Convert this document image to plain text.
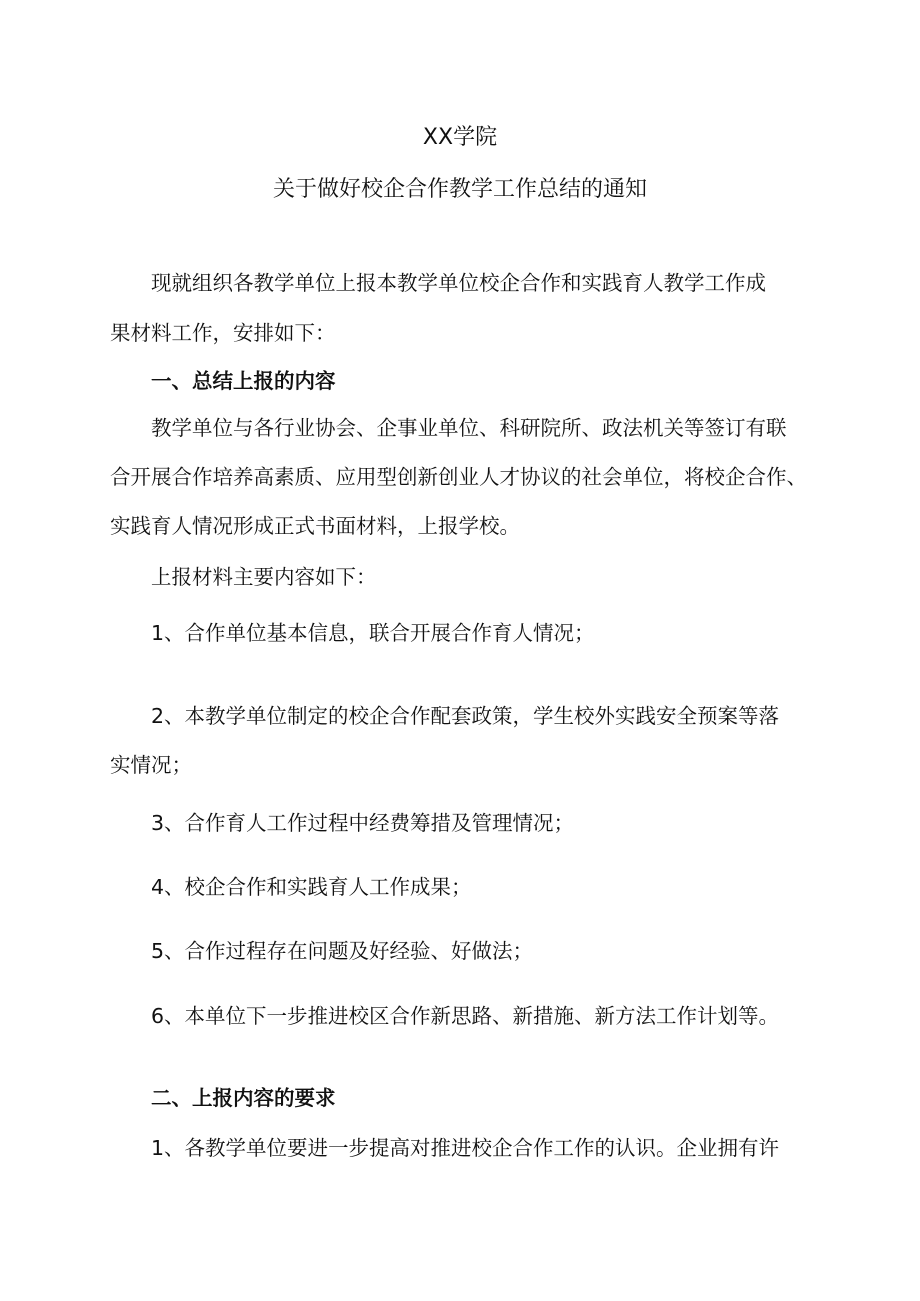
XX学院
关于做好校企合作教学工作总结的通知
现就组织各教学单位上报本教学单位校企合作和实践育人教学工作成
果材料工作，安排如下：
一、总结上报的内容
教学单位与各行业协会、企事业单位、科研院所、政法机关等签订有联
合开展合作培养高素质、应用型创新创业人才协议的社会单位，将校企合作、
实践育人情况形成正式书面材料，上报学校。
上报材料主要内容如下：
1、合作单位基本信息，联合开展合作育人情况；
2、本教学单位制定的校企合作配套政策，学生校外实践安全预案等落
实情况；
3、合作育人工作过程中经费筹措及管理情况；
4、校企合作和实践育人工作成果；
5、合作过程存在问题及好经验、好做法；
6、本单位下一步推进校区合作新思路、新措施、新方法工作计划等。
二、上报内容的要求
1、各教学单位要进一步提高对推进校企合作工作的认识。企业拥有许
